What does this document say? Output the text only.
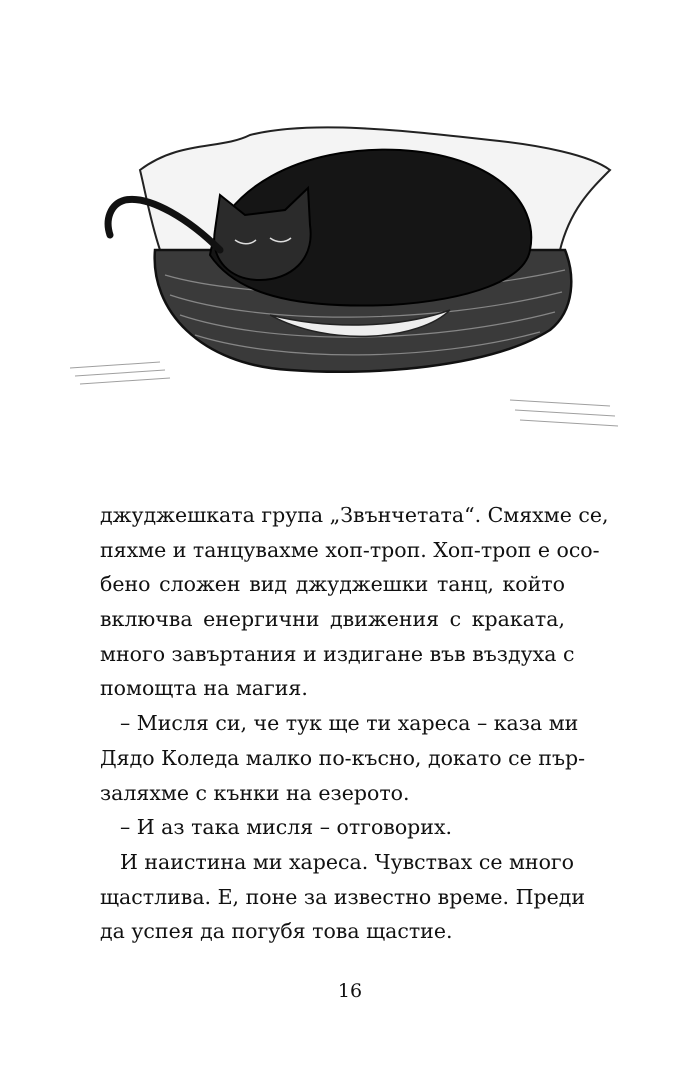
джуджешката група „Звънчетата“. Смяхме се,
пяхме и танцувахме хоп-троп. Хоп-троп е осо-
бено сложен вид джуджешки танц, който
включва енергични движения с краката,
много завъртания и издигане във въздуха с
помощта на магия.
– Мисля си, че тук ще ти хареса – каза ми
Дядо Коледа малко по-късно, докато се пър-
заляхме с кънки на езерото.
– И аз така мисля – отговорих.
И наистина ми хареса. Чувствах се много
щастлива. Е, поне за известно време. Преди
да успея да погубя това щастие.
16
